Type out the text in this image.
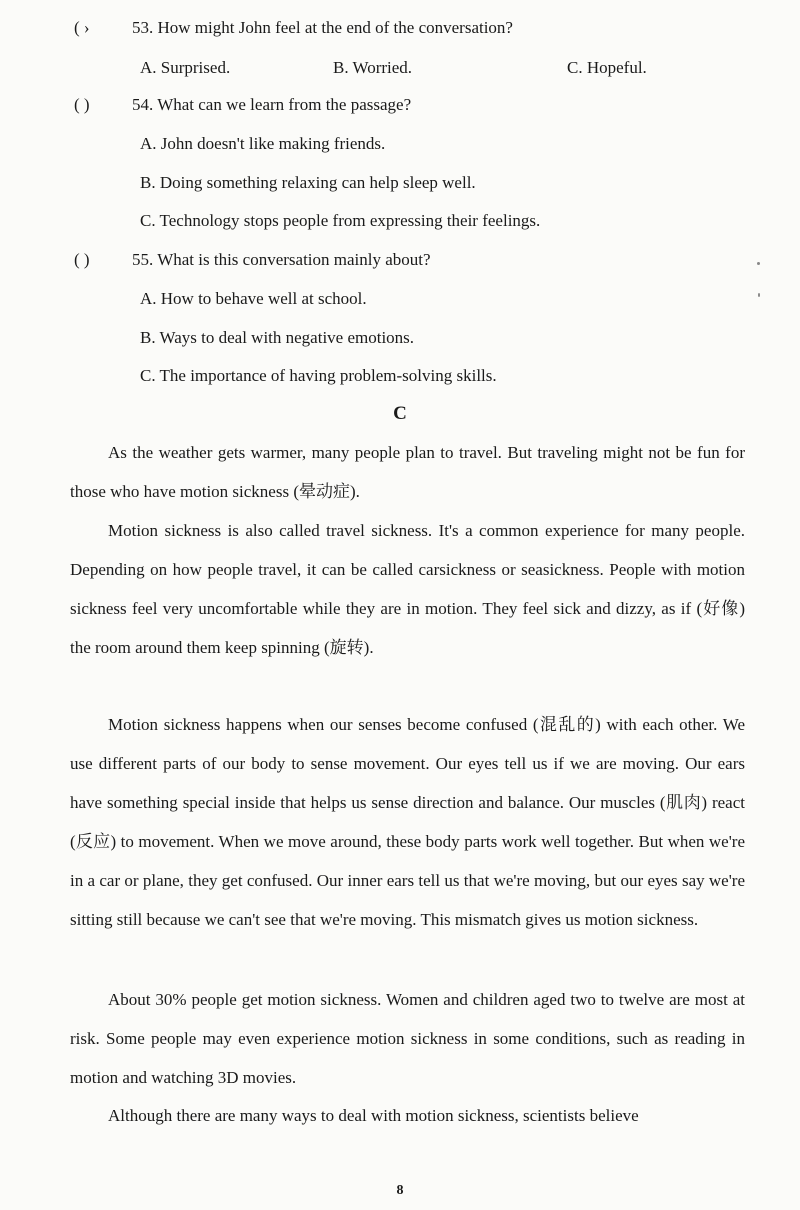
( › 53. How might John feel at the end of the conversation?
A. Surprised.	B. Worried.	C. Hopeful.
( ) 54. What can we learn from the passage?
A. John doesn't like making friends.
B. Doing something relaxing can help sleep well.
C. Technology stops people from expressing their feelings.
( ) 55. What is this conversation mainly about?
A. How to behave well at school.
B. Ways to deal with negative emotions.
C. The importance of having problem-solving skills.
C
As the weather gets warmer, many people plan to travel. But traveling might not be fun for those who have motion sickness (晕动症).
Motion sickness is also called travel sickness. It's a common experience for many people. Depending on how people travel, it can be called carsickness or seasickness. People with motion sickness feel very uncomfortable while they are in motion. They feel sick and dizzy, as if (好像) the room around them keep spinning (旋转).
Motion sickness happens when our senses become confused (混乱的) with each other. We use different parts of our body to sense movement. Our eyes tell us if we are moving. Our ears have something special inside that helps us sense direction and balance. Our muscles (肌肉) react (反应) to movement. When we move around, these body parts work well together. But when we're in a car or plane, they get confused. Our inner ears tell us that we're moving, but our eyes say we're sitting still because we can't see that we're moving. This mismatch gives us motion sickness.
About 30% people get motion sickness. Women and children aged two to twelve are most at risk. Some people may even experience motion sickness in some conditions, such as reading in motion and watching 3D movies.
Although there are many ways to deal with motion sickness, scientists believe
8
